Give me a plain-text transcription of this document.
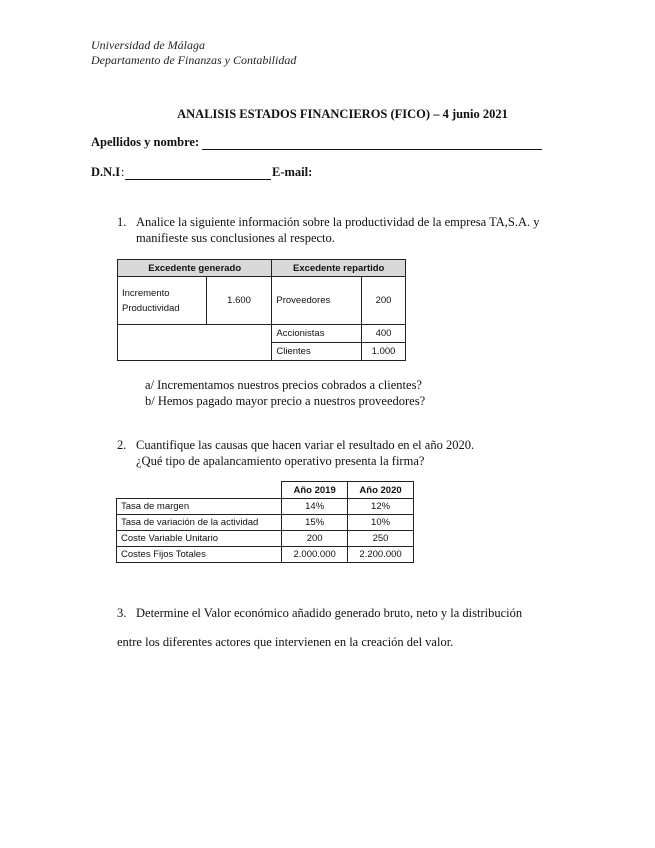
Universidad de Málaga
Departamento de Finanzas y Contabilidad
ANALISIS ESTADOS FINANCIEROS (FICO) – 4 junio 2021
Apellidos y nombre:
D.N.I :	E-mail:
1. Analice la siguiente información sobre la productividad de la empresa TA,S.A. y
manifieste sus conclusiones al respecto.
Excedente generado		Excedente repartido	
Incremento
Productividad	1.600	Proveedores	200
		Accionistas	400
		Clientes	1.000
a/ Incrementamos nuestros precios cobrados a clientes?
b/ Hemos pagado mayor precio a nuestros proveedores?
2. Cuantifique las causas que hacen variar el resultado en el año 2020.
¿Qué tipo de apalancamiento operativo presenta la firma?
	Año 2019	Año 2020
Tasa de margen	14%	12%
Tasa de variación de la actividad	15%	10%
Coste Variable Unitario	200	250
Costes Fijos Totales	2.000.000	2.200.000
3. Determine el Valor económico añadido generado bruto, neto y la distribución
entre los diferentes actores que intervienen en la creación del valor.
